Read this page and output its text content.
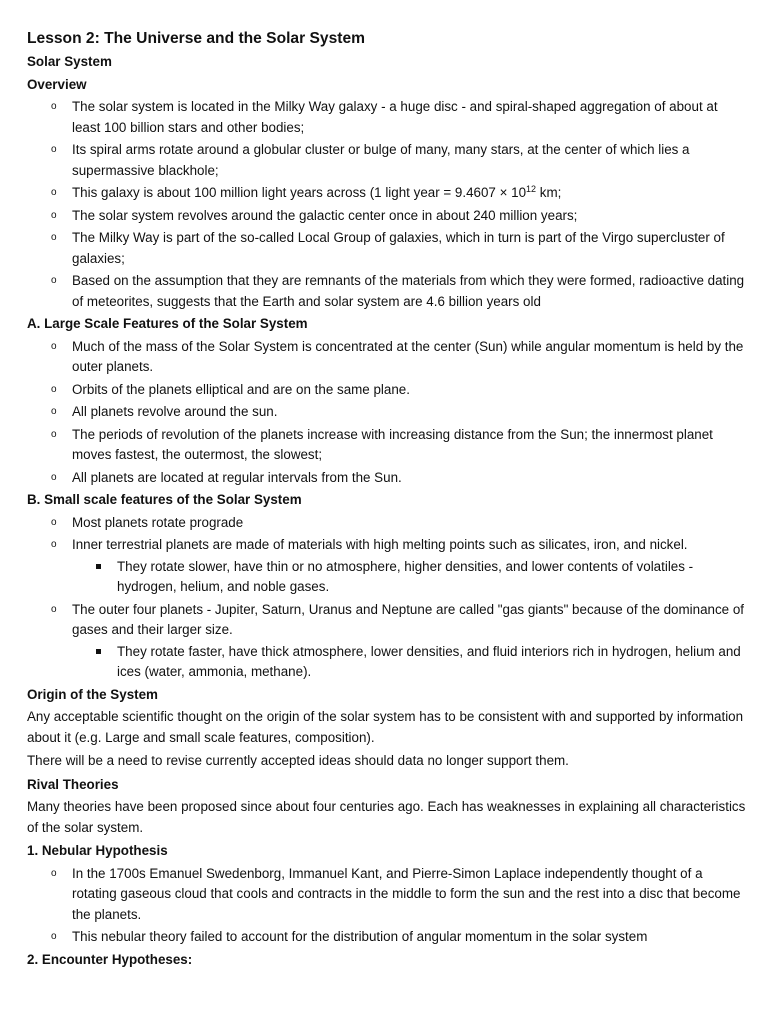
Lesson 2: The Universe and the Solar System
Solar System
Overview
o The solar system is located in the Milky Way galaxy - a huge disc - and spiral-shaped aggregation of about at least 100 billion stars and other bodies;
o Its spiral arms rotate around a globular cluster or bulge of many, many stars, at the center of which lies a supermassive blackhole;
o This galaxy is about 100 million light years across (1 light year = $9.4607 \times 10^{12}$ km;
o The solar system revolves around the galactic center once in about 240 million years;
o The Milky Way is part of the so-called Local Group of galaxies, which in turn is part of the Virgo supercluster of galaxies;
o Based on the assumption that they are remnants of the materials from which they were formed, radioactive dating of meteorites, suggests that the Earth and solar system are 4.6 billion years old
A. Large Scale Features of the Solar System
o Much of the mass of the Solar System is concentrated at the center (Sun) while angular momentum is held by the outer planets.
o Orbits of the planets elliptical and are on the same plane.
o All planets revolve around the sun.
o The periods of revolution of the planets increase with increasing distance from the Sun; the innermost planet moves fastest, the outermost, the slowest;
o All planets are located at regular intervals from the Sun.
B. Small scale features of the Solar System
o Most planets rotate prograde
o Inner terrestrial planets are made of materials with high melting points such as silicates, iron, and nickel.
They rotate slower, have thin or no atmosphere, higher densities, and lower contents of volatiles - hydrogen, helium, and noble gases.
o The outer four planets - Jupiter, Saturn, Uranus and Neptune are called "gas giants" because of the dominance of gases and their larger size.
They rotate faster, have thick atmosphere, lower densities, and fluid interiors rich in hydrogen, helium and ices (water, ammonia, methane).
Origin of the System

Any acceptable scientific thought on the origin of the solar system has to be consistent with and supported by information about it (e.g. Large and small scale features, composition).

There will be a need to revise currently accepted ideas should data no longer support them.

Rival Theories

Many theories have been proposed since about four centuries ago. Each has weaknesses in explaining all characteristics of the solar system.

1. Nebular Hypothesis
o In the 1700s Emanuel Swedenborg, Immanuel Kant, and Pierre-Simon Laplace independently thought of a rotating gaseous cloud that cools and contracts in the middle to form the sun and the rest into a disc that become the planets.
o This nebular theory failed to account for the distribution of angular momentum in the solar system
2. Encounter Hypotheses:
